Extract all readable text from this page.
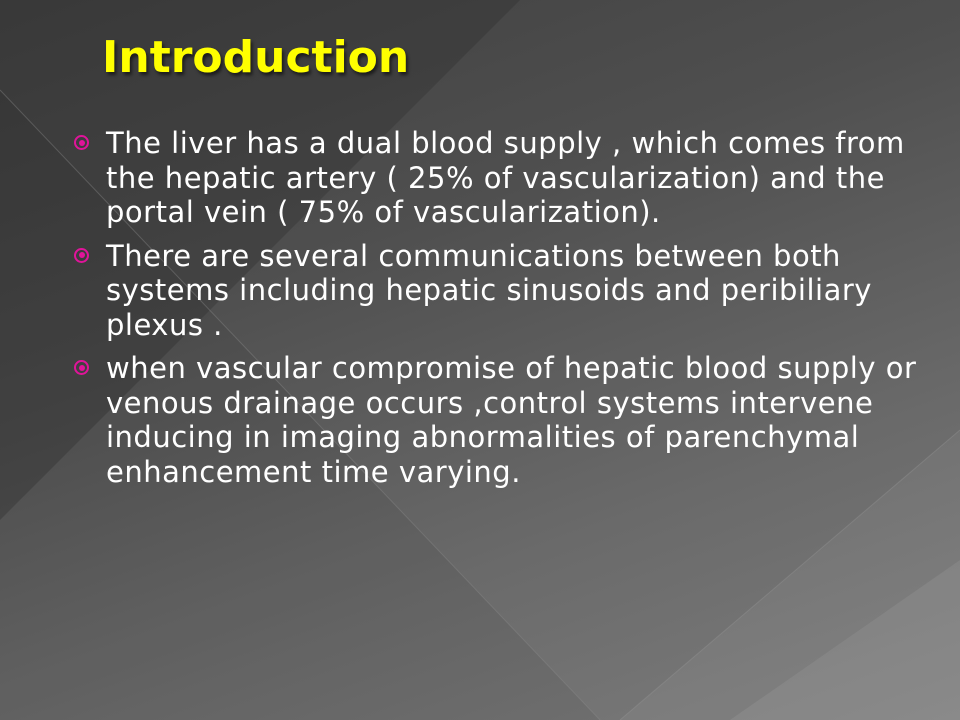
Introduction
The liver has a dual blood supply , which comes from the hepatic artery ( 25% of vascularization) and the portal vein ( 75% of vascularization).
There are several communications between both systems including hepatic sinusoids and peribiliary plexus .
when vascular compromise of hepatic blood supply or venous drainage occurs ,control systems intervene inducing in imaging abnormalities of parenchymal enhancement time varying.
